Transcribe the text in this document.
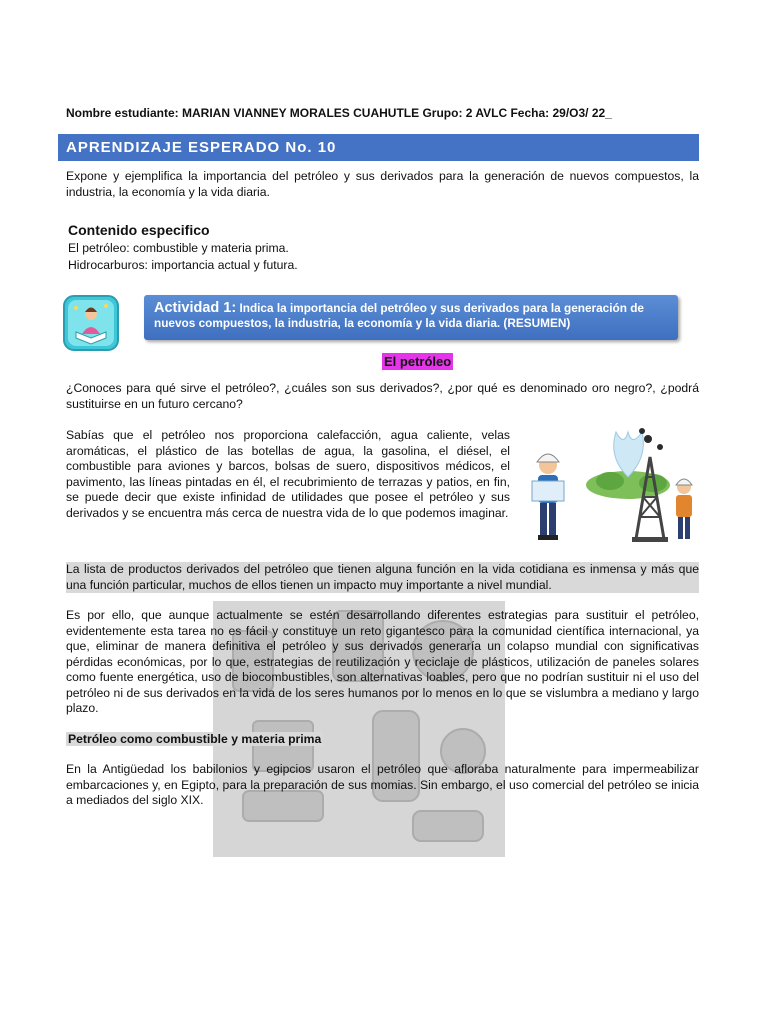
Nombre estudiante: MARIAN VIANNEY MORALES CUAHUTLE Grupo: 2 AVLC Fecha: 29/O3/ 22_
APRENDIZAJE ESPERADO No. 10
Expone y ejemplifica la importancia del petróleo y sus derivados para la generación de nuevos compuestos, la industria, la economía y la vida diaria.
Contenido especifico
El petróleo: combustible y materia prima.
Hidrocarburos: importancia actual y futura.
Actividad 1: Indica la importancia del petróleo y sus derivados para la generación de nuevos compuestos, la industria, la economía y la vida diaria. (RESUMEN)
El petróleo
¿Conoces para qué sirve el petróleo?, ¿cuáles son sus derivados?, ¿por qué es denominado oro negro?, ¿podrá sustituirse en un futuro cercano?
Sabías que el petróleo nos proporciona calefacción, agua caliente, velas aromáticas, el plástico de las botellas de agua, la gasolina, el diésel, el combustible para aviones y barcos, bolsas de suero, dispositivos médicos, el pavimento, las líneas pintadas en él, el recubrimiento de terrazas y patios, en fin, se puede decir que existe infinidad de utilidades que posee el petróleo y sus derivados y se encuentra más cerca de nuestra vida de lo que podemos imaginar.
La lista de productos derivados del petróleo que tienen alguna función en la vida cotidiana es inmensa y más que una función particular, muchos de ellos tienen un impacto muy importante a nivel mundial.
Es por ello, que aunque actualmente se estén desarrollando diferentes estrategias para sustituir el petróleo, evidentemente esta tarea no es fácil y constituye un reto gigantesco para la comunidad científica internacional, ya que, eliminar de manera definitiva el petróleo y sus derivados generaría un colapso mundial con significativas pérdidas económicas, por lo que, estrategias de reutilización y reciclaje de plásticos, utilización de paneles solares como fuente energética, uso de biocombustibles, son alternativas loables, pero que no podrían sustituir ni el uso del petróleo ni de sus derivados en la vida de los seres humanos por lo menos en lo que se vislumbra a mediano y largo plazo.
Petróleo como combustible y materia prima
En la Antigüedad los babilonios y egipcios usaron el petróleo que afloraba naturalmente para impermeabilizar embarcaciones y, en Egipto, para la preparación de sus momias. Sin embargo, el uso comercial del petróleo se inicia a mediados del siglo XIX.
